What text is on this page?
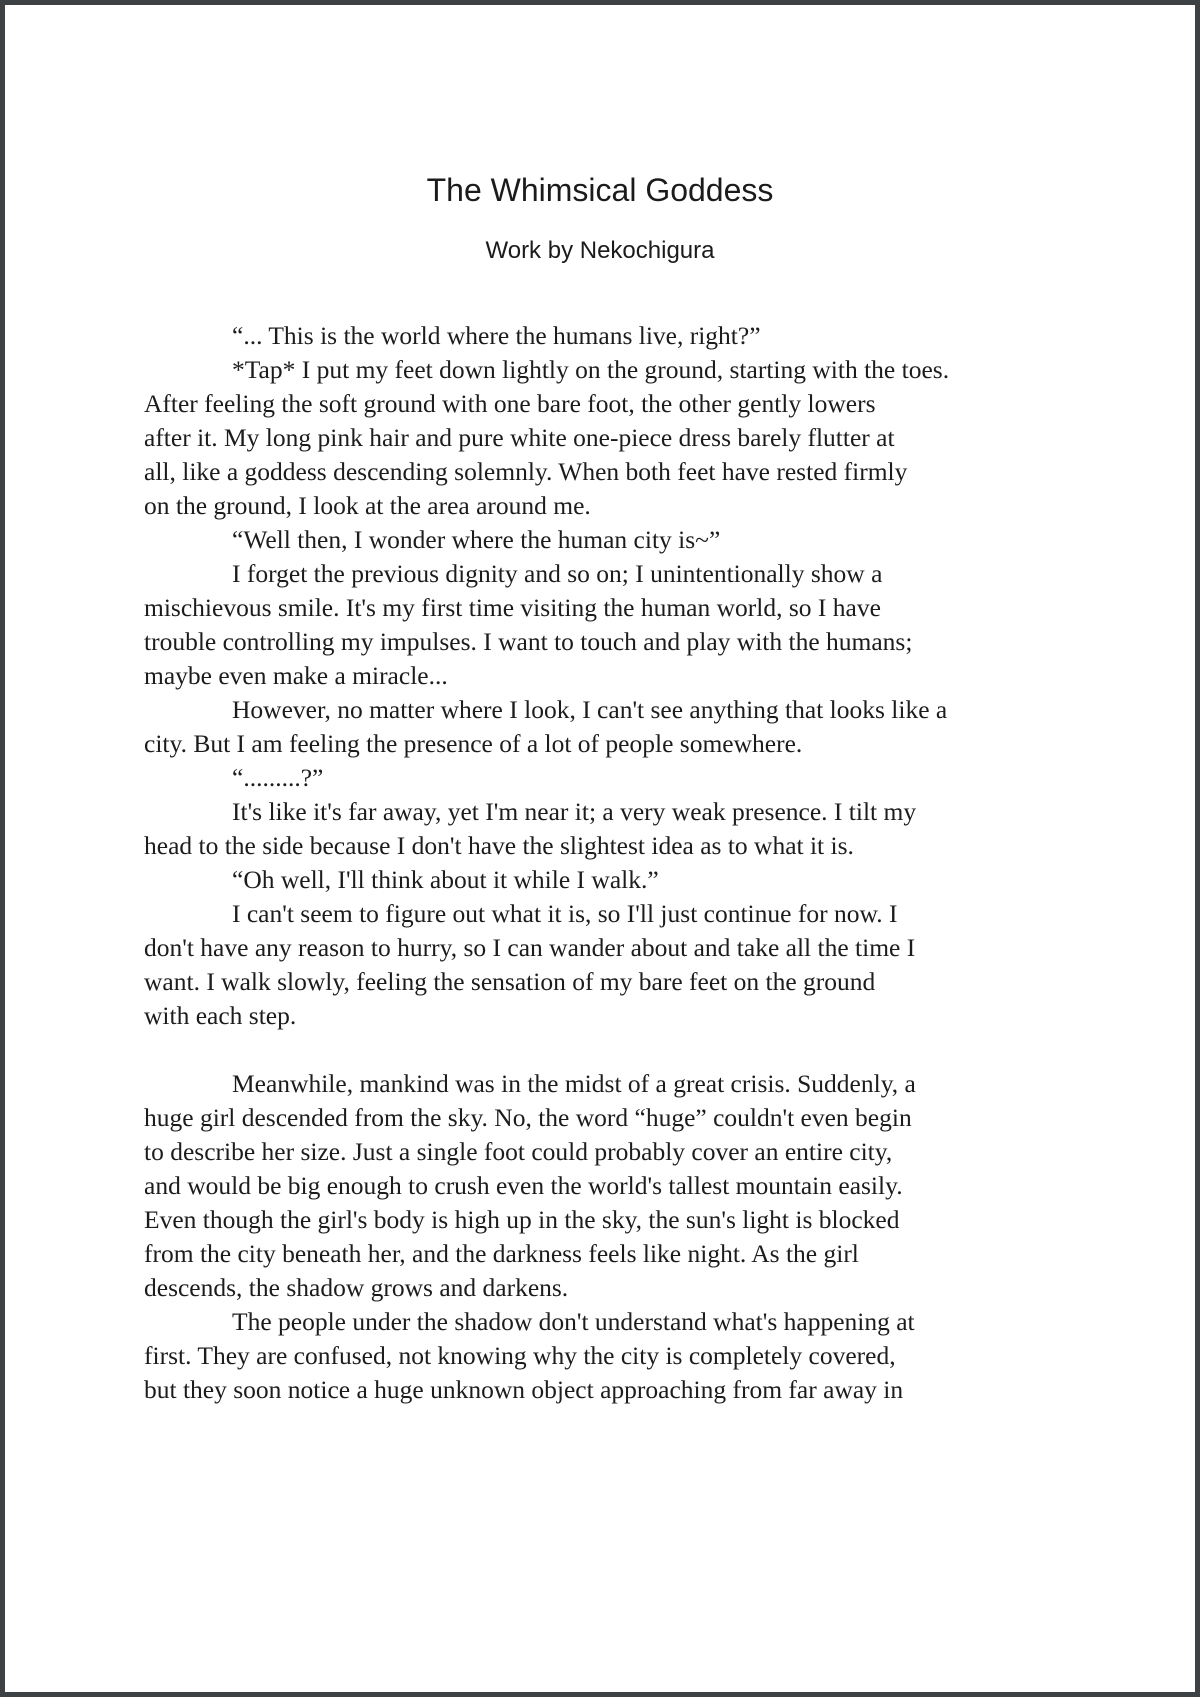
The Whimsical Goddess
Work by Nekochigura
“... This is the world where the humans live, right?”
*Tap* I put my feet down lightly on the ground, starting with the toes.
After feeling the soft ground with one bare foot, the other gently lowers
after it. My long pink hair and pure white one-piece dress barely flutter at
all, like a goddess descending solemnly. When both feet have rested firmly
on the ground, I look at the area around me.
“Well then, I wonder where the human city is~”
I forget the previous dignity and so on; I unintentionally show a
mischievous smile. It's my first time visiting the human world, so I have
trouble controlling my impulses. I want to touch and play with the humans;
maybe even make a miracle...
However, no matter where I look, I can't see anything that looks like a
city. But I am feeling the presence of a lot of people somewhere.
“.........?”
It's like it's far away, yet I'm near it; a very weak presence. I tilt my
head to the side because I don't have the slightest idea as to what it is.
“Oh well, I'll think about it while I walk.”
I can't seem to figure out what it is, so I'll just continue for now. I
don't have any reason to hurry, so I can wander about and take all the time I
want. I walk slowly, feeling the sensation of my bare feet on the ground
with each step.
Meanwhile, mankind was in the midst of a great crisis. Suddenly, a
huge girl descended from the sky. No, the word “huge” couldn't even begin
to describe her size. Just a single foot could probably cover an entire city,
and would be big enough to crush even the world's tallest mountain easily.
Even though the girl's body is high up in the sky, the sun's light is blocked
from the city beneath her, and the darkness feels like night. As the girl
descends, the shadow grows and darkens.
The people under the shadow don't understand what's happening at
first. They are confused, not knowing why the city is completely covered,
but they soon notice a huge unknown object approaching from far away in
